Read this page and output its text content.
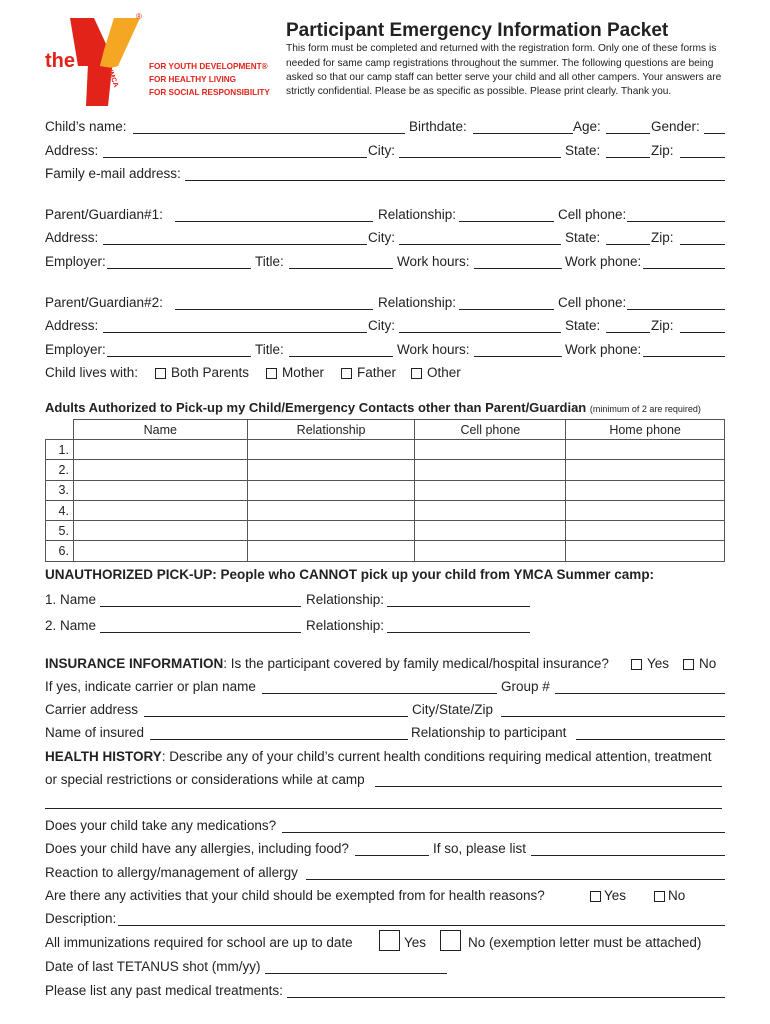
®
the
YMCA
FOR YOUTH DEVELOPMENT®
FOR HEALTHY LIVING
FOR SOCIAL RESPONSIBILITY
Participant Emergency Information Packet
This form must be completed and returned with the registration form. Only one of these forms is
needed for same camp registrations throughout the summer. The following questions are being
asked so that our camp staff can better serve your child and all other campers. Your answers are
strictly confidential. Please be as specific as possible. Please print clearly. Thank you.
Child’s name:	Birthdate:	Age:	Gender:
Address:	City:	State:	Zip:
Family e-mail address:
Parent/Guardian#1:	Relationship:	Cell phone:
Address:	City:	State:	Zip:
Employer:	Title:	Work hours:	Work phone:
Parent/Guardian#2:	Relationship:	Cell phone:
Address:	City:	State:	Zip:
Employer:	Title:	Work hours:	Work phone:
Child lives with: Both Parents Mother Father Other
Adults Authorized to Pick-up my Child/Emergency Contacts other than Parent/Guardian (minimum of 2 are required)
	Name	Relationship	Cell phone	Home phone
1.				
2.				
3.				
4.				
5.				
6.				
UNAUTHORIZED PICK-UP: People who CANNOT pick up your child from YMCA Summer camp:
1. Name	Relationship:
2. Name	Relationship:
INSURANCE INFORMATION: Is the participant covered by family medical/hospital insurance?	Yes No
If yes, indicate carrier or plan name	Group #
Carrier address	City/State/Zip
Name of insured	Relationship to participant
HEALTH HISTORY: Describe any of your child’s current health conditions requiring medical attention, treatment
or special restrictions or considerations while at camp
Does your child take any medications?
Does your child have any allergies, including food?	If so, please list
Reaction to allergy/management of allergy
Are there any activities that your child should be exempted from for health reasons?	Yes	No
Description:
All immunizations required for school are up to date	Yes	No (exemption letter must be attached)
Date of last TETANUS shot (mm/yy)
Please list any past medical treatments:
